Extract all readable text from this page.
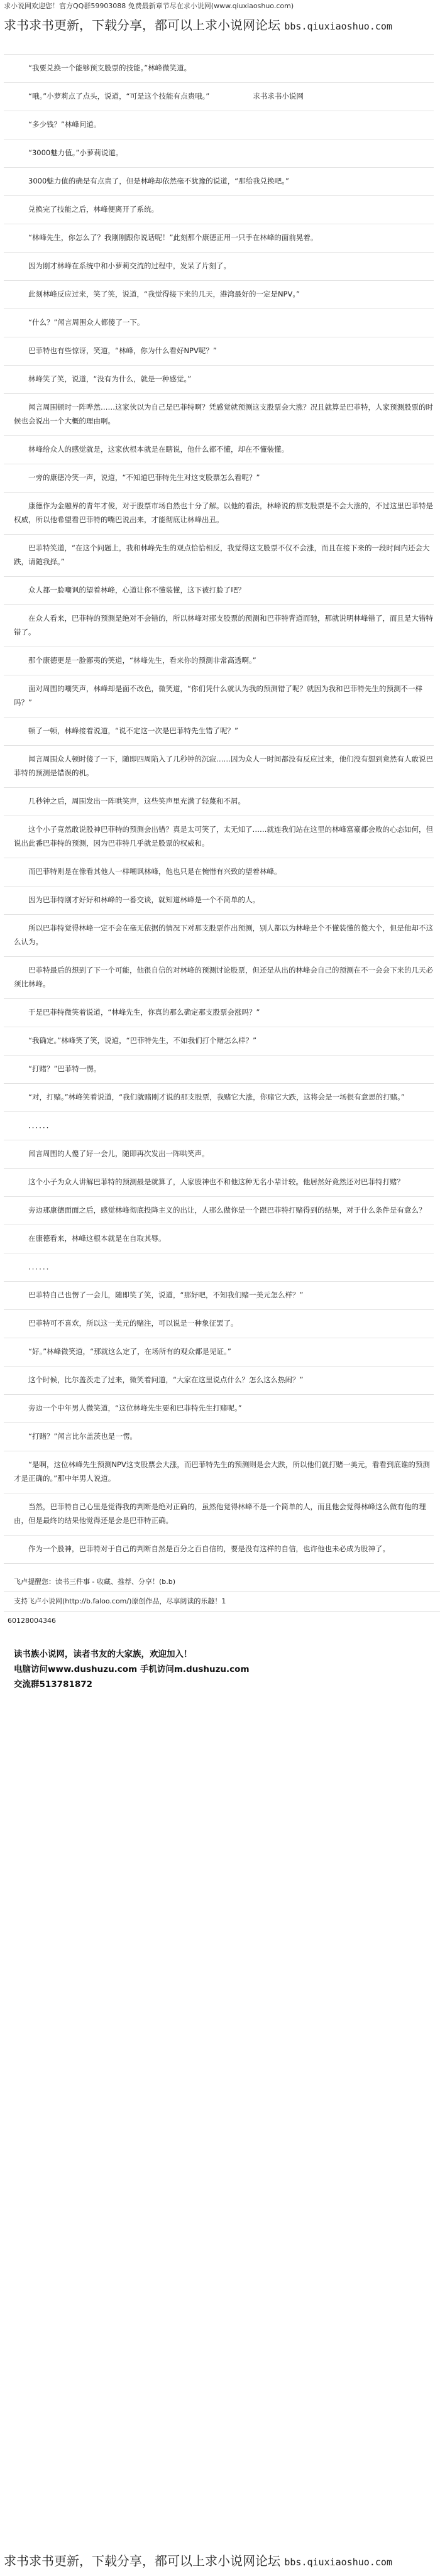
求小说网欢迎您！官方QQ群59903088 免费最新章节尽在求小说网(www.qiuxiaoshuo.com)
求书求书更新，下载分享，都可以上求小说网论坛 bbs.qiuxiaoshuo.com

　　“我要兑换一个能够预支股票的技能。”林峰微笑道。

　　“哦。”小萝莉点了点头，说道，“可是这个技能有点贵哦。”　　　　　　求书求书小说网

　　“多少钱？”林峰问道。

　　“3000魅力值。”小萝莉说道。

　　3000魅力值的确是有点贵了，但是林峰却依然毫不犹豫的说道，“那给我兑换吧。”

　　兑换完了技能之后，林峰便离开了系统。

　　“林峰先生，你怎么了？我刚刚跟你说话呢！”此刻那个康德正用一只手在林峰的面前晃着。

　　因为刚才林峰在系统中和小萝莉交流的过程中，发呆了片刻了。

　　此刻林峰反应过来，笑了笑，说道，“我觉得接下来的几天，港湾最好的一定是NPV。”

　　“什么？”闻言周围众人都傻了一下。

　　巴菲特也有些惊讶，笑道，“林峰，你为什么看好NPV呢？”

　　林峰笑了笑，说道，“没有为什么，就是一种感觉。”

　　闻言周围顿时一阵哗然……这家伙以为自己是巴菲特啊？凭感觉就预测这支股票会大涨？况且就算是巴菲特，人家预测股票的时候也会说出一个大概的理由啊。

　　林峰给众人的感觉就是，这家伙根本就是在瞎说，他什么都不懂，却在不懂装懂。

　　一旁的康德冷笑一声，说道，“不知道巴菲特先生对这支股票怎么看呢？”

　　康德作为金融界的青年才俊，对于股票市场自然也十分了解。以他的看法，林峰说的那支股票是不会大涨的，不过这里巴菲特是权威，所以他希望看巴菲特的嘴巴说出来，才能彻底让林峰出丑。

　　巴菲特笑道，“在这个问题上，我和林峰先生的观点恰恰相反，我觉得这支股票不仅不会涨，而且在接下来的一段时间内还会大跌，请随我择。”

　　众人都一脸嘲讽的望着林峰，心道让你不懂装懂，这下被打脸了吧？

　　在众人看来，巴菲特的预测是绝对不会错的，所以林峰对那支股票的预测和巴菲特背道而驰，那就说明林峰错了，而且是大错特错了。

　　那个康德更是一脸鄙夷的笑道，“林峰先生，看来你的预测非常高透啊。”

　　面对周围的嘲笑声，林峰却是面不改色，微笑道，“你们凭什么就认为我的预测错了呢？就因为我和巴菲特先生的预测不一样吗？”

　　顿了一顿，林峰接着说道，“说不定这一次是巴菲特先生错了呢？”

　　闻言周围众人顿时傻了一下，随即四周陷入了几秒钟的沉寂……因为众人一时间都没有反应过来，他们没有想到竟然有人敢说巴菲特的预测是错误的机。

　　几秒钟之后，周围发出一阵哄笑声，这些笑声里充满了轻蔑和不屑。

　　这个小子竟然敢说股神巴菲特的预测会出错？真是太可笑了，太无知了……就连我们站在这里的林峰富豪都会败的心态如何，但说出此番巴菲特的预测，因为巴菲特几乎就是股票的权威和。

　　而巴菲特则是在像看其他人一样嘲讽林峰，他也只是在惋惜有兴致的望着林峰。

　　因为巴菲特刚才好好和林峰的一番交谈，就知道林峰是一个不简单的人。

　　所以巴菲特觉得林峰一定不会在毫无依据的情况下对那支股票作出预测，别人都以为林峰是个不懂装懂的傻大个，但是他却不这么认为。

　　巴菲特最后的想到了下一个可能，他很自信的对林峰的预测讨论股票，但还是从出的林峰会自己的预测在不一会会下来的几天必须比林峰。

　　于是巴菲特微笑着说道，“林峰先生，你真的那么确定那支股票会涨吗？”

　　“我确定。”林峰笑了笑，说道，“巴菲特先生，不如我们打个赌怎么样？”

　　“打赌？”巴菲特一愣。

　　“对，打赌。”林峰笑着说道，“我们就赌刚才说的那支股票，我赌它大涨，你赌它大跌，这将会是一场很有意思的打赌。”

　　．．．．．．

　　闻言周围的人傻了好一会儿，随即再次发出一阵哄笑声。

　　这个小子为众人讲解巴菲特的预测最是就算了，人家股神也不和他这种无名小辈计较。他居然好竟然还对巴菲特打赌？

　　旁边那康德面面之后，感觉林峰彻底投降主义的出让，人那么做你是一个跟巴菲特打赌得到的结果，对于什么条件是有意么？

　　在康德看来，林峰这根本就是在自取其辱。

　　．．．．．．

　　巴菲特自己也愣了一会儿，随即笑了笑，说道，“那好吧，不知我们赌一美元怎么样？”

　　巴菲特可不喜欢，所以这一美元的赌注，可以说是一种象征罢了。

　　“好。”林峰微笑道，“那就这么定了，在场所有的观众都是见证。”

　　这个时候，比尔盖茨走了过来，微笑着问道，“大家在这里说点什么？怎么这么热闹？”

　　旁边一个中年男人微笑道，“这位林峰先生要和巴菲特先生打赌呢。”

　　“打赌？”闻言比尔盖茨也是一愣。

　　“是啊，这位林峰先生预测NPV这支股票会大涨，而巴菲特先生的预测则是会大跌，所以他们就打赌一美元，看看到底谁的预测才是正确的。”那中年男人说道。

　　当然，巴菲特自己心里是觉得我的判断是绝对正确的，虽然他觉得林峰不是一个简单的人，而且他会觉得林峰这么做有他的理由，但是最终的结果他觉得还是会是巴菲特正确。

　　作为一个股神，巴菲特对于自己的判断自然是百分之百自信的，要是没有这样的自信，也许他也未必成为股神了。

飞卢提醒您：读书三件事 - 收藏、推荐、分享！(b.b)
支持飞卢小说网(http://b.faloo.com/)原创作品，尽享阅读的乐趣！1
60128004346
读书族小说网，读者书友的大家族，欢迎加入！
电脑访问www.dushuzu.com 手机访问m.dushuzu.com
交流群513781872
求书求书更新，下载分享，都可以上求小说网论坛 bbs.qiuxiaoshuo.com
